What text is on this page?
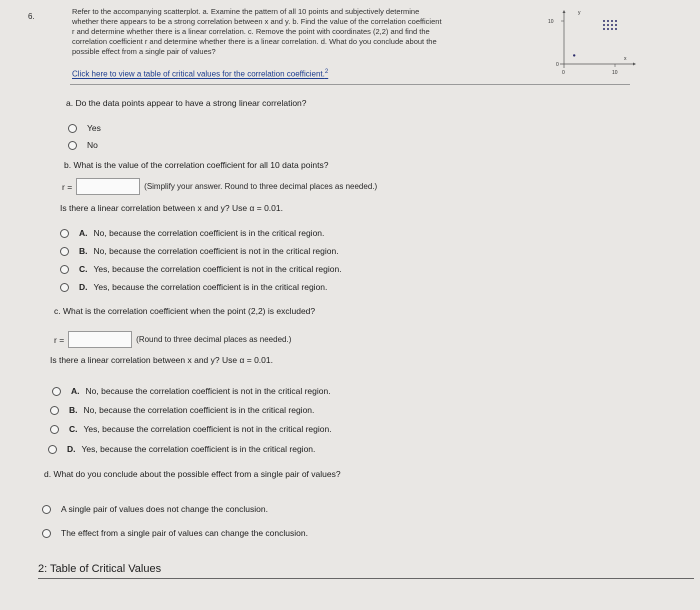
6.
Refer to the accompanying scatterplot. a. Examine the pattern of all 10 points and subjectively determine
whether there appears to be a strong correlation between x and y. b. Find the value of the correlation coefficient
r and determine whether there is a linear correlation. c. Remove the point with coordinates (2,2) and find the
correlation coefficient r and determine whether there is a linear correlation. d. What do you conclude about the
possible effect from a single pair of values?
Click here to view a table of critical values for the correlation coefficient.$^2$
y
10
0
0	10
x
a. Do the data points appear to have a strong linear correlation?
Yes
No
b. What is the value of the correlation coefficient for all 10 data points?
r =	(Simplify your answer. Round to three decimal places as needed.)
Is there a linear correlation between x and y? Use α = 0.01.
A. No, because the correlation coefficient is in the critical region.
B. No, because the correlation coefficient is not in the critical region.
C. Yes, because the correlation coefficient is not in the critical region.
D. Yes, because the correlation coefficient is in the critical region.
c. What is the correlation coefficient when the point (2,2) is excluded?
r =	(Round to three decimal places as needed.)
Is there a linear correlation between x and y? Use α = 0.01.
A. No, because the correlation coefficient is not in the critical region.
B. No, because the correlation coefficient is in the critical region.
C. Yes, because the correlation coefficient is not in the critical region.
D. Yes, because the correlation coefficient is in the critical region.
d. What do you conclude about the possible effect from a single pair of values?
A single pair of values does not change the conclusion.
The effect from a single pair of values can change the conclusion.
2: Table of Critical Values
